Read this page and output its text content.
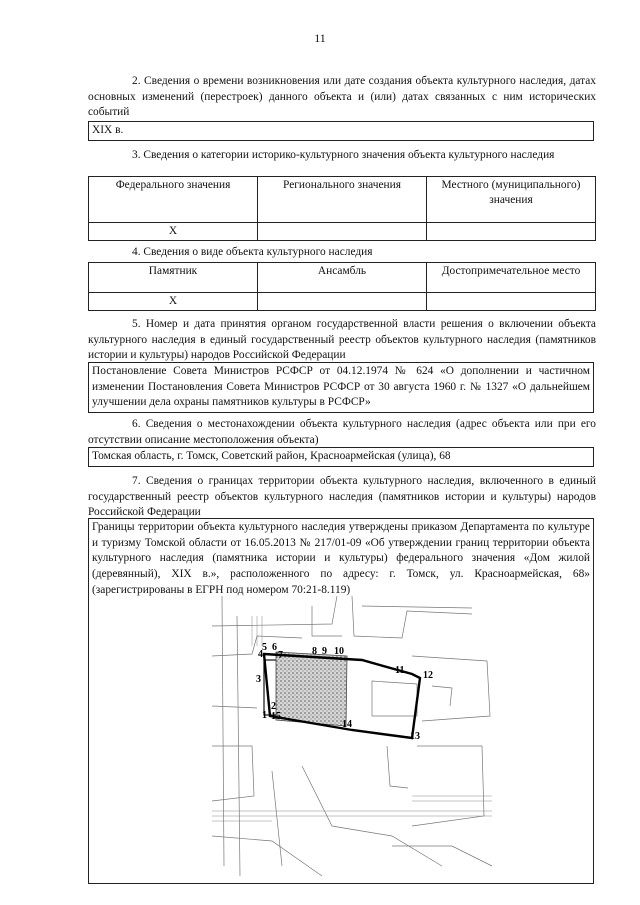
11
2. Сведения о времени возникновения или дате создания объекта культурного наследия, датах основных изменений (перестроек) данного объекта и (или) датах связанных с ним исторических событий
XIX в.
3. Сведения о категории историко-культурного значения объекта культурного наследия
Федерального значения	Регионального значения	Местного (муниципального) значения
X		
4. Сведения о виде объекта культурного наследия
Памятник	Ансамбль	Достопримечательное место
X		
5. Номер и дата принятия органом государственной власти решения о включении объекта культурного наследия в единый государственный реестр объектов культурного наследия (памятников истории и культуры) народов Российской Федерации
Постановление Совета Министров РСФСР от 04.12.1974 № 624 «О дополнении и частичном изменении Постановления Совета Министров РСФСР от 30 августа 1960 г. № 1327 «О дальнейшем улучшении дела охраны памятников культуры в РСФСР»
6. Сведения о местонахождении объекта культурного наследия (адрес объекта или при его отсутствии описание местоположения объекта)
Томская область, г. Томск, Советский район, Красноармейская (улица), 68
7. Сведения о границах территории объекта культурного наследия, включенного в единый государственный реестр объектов культурного наследия (памятников истории и культуры) народов Российской Федерации
Границы территории объекта культурного наследия утверждены приказом Департамента по культуре и туризму Томской области от 16.05.2013 № 217/01-09 «Об утверждении границ территории объекта культурного наследия (памятника истории и культуры) федерального значения «Дом жилой (деревянный), XIX в.», расположенного по адресу: г. Томск, ул. Красноармейская, 68» (зарегистрированы в ЕГРН под номером 70:21-8.119)
1
2
3
4
5 6
7	8 9 10
11 12
13
14
15
